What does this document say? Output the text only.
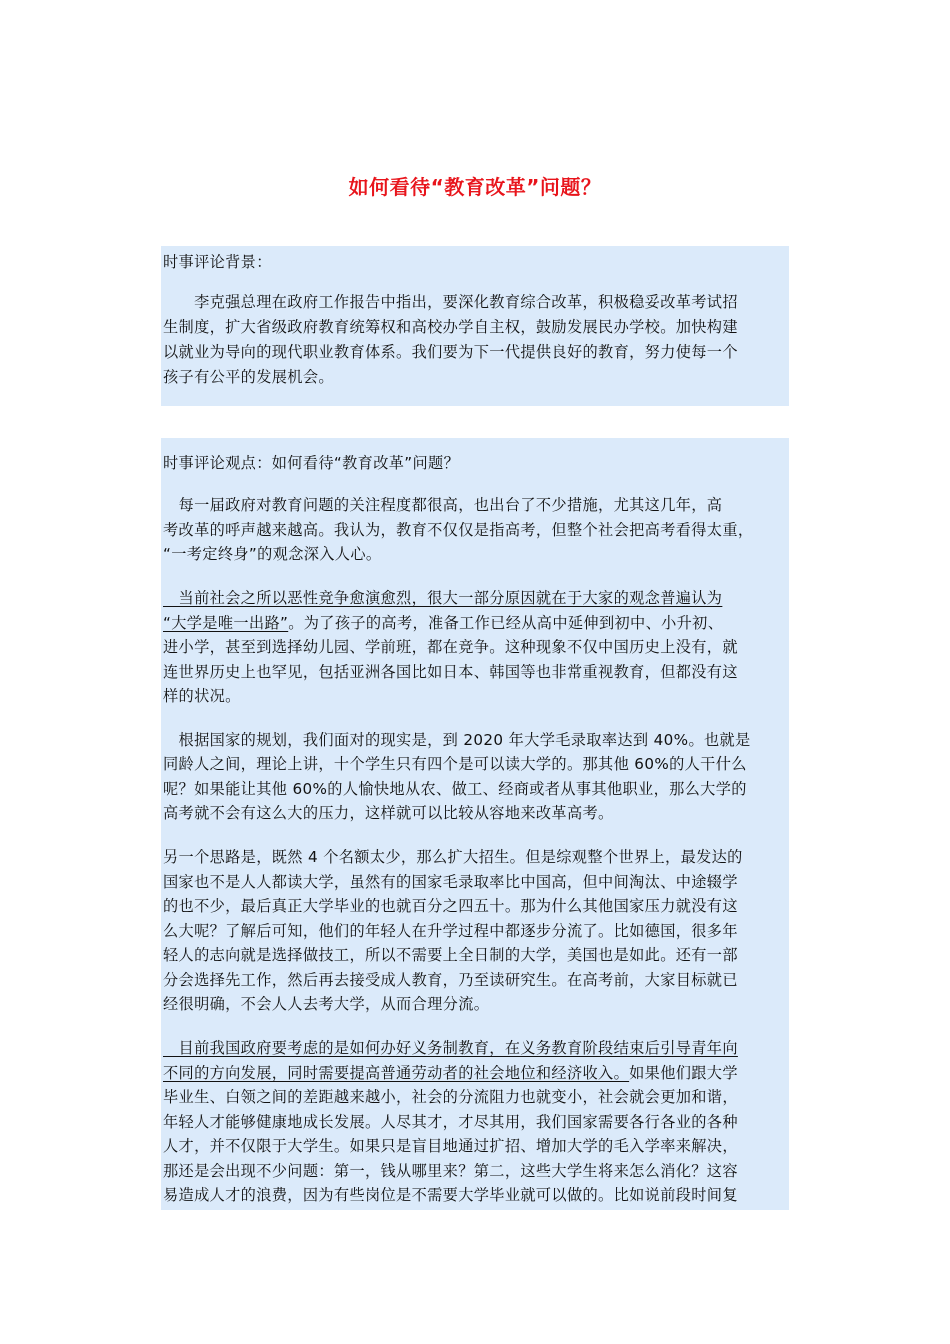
如何看待“教育改革”问题？
时事评论背景：
　　李克强总理在政府工作报告中指出，要深化教育综合改革，积极稳妥改革考试招
生制度，扩大省级政府教育统筹权和高校办学自主权，鼓励发展民办学校。加快构建
以就业为导向的现代职业教育体系。我们要为下一代提供良好的教育，努力使每一个
孩子有公平的发展机会。
时事评论观点：如何看待“教育改革”问题？
　每一届政府对教育问题的关注程度都很高，也出台了不少措施，尤其这几年，高
考改革的呼声越来越高。我认为，教育不仅仅是指高考，但整个社会把高考看得太重，
“一考定终身”的观念深入人心。
　当前社会之所以恶性竞争愈演愈烈，很大一部分原因就在于大家的观念普遍认为
“大学是唯一出路”。为了孩子的高考，准备工作已经从高中延伸到初中、小升初、
进小学，甚至到选择幼儿园、学前班，都在竞争。这种现象不仅中国历史上没有，就
连世界历史上也罕见，包括亚洲各国比如日本、韩国等也非常重视教育，但都没有这
样的状况。
　根据国家的规划，我们面对的现实是，到 2020 年大学毛录取率达到 40%。也就是
同龄人之间，理论上讲，十个学生只有四个是可以读大学的。那其他 60%的人干什么
呢？如果能让其他 60%的人愉快地从农、做工、经商或者从事其他职业，那么大学的
高考就不会有这么大的压力，这样就可以比较从容地来改革高考。
另一个思路是，既然 4 个名额太少，那么扩大招生。但是综观整个世界上，最发达的
国家也不是人人都读大学，虽然有的国家毛录取率比中国高，但中间淘汰、中途辍学
的也不少，最后真正大学毕业的也就百分之四五十。那为什么其他国家压力就没有这
么大呢？了解后可知，他们的年轻人在升学过程中都逐步分流了。比如德国，很多年
轻人的志向就是选择做技工，所以不需要上全日制的大学，美国也是如此。还有一部
分会选择先工作，然后再去接受成人教育，乃至读研究生。在高考前，大家目标就已
经很明确，不会人人去考大学，从而合理分流。
　目前我国政府要考虑的是如何办好义务制教育，在义务教育阶段结束后引导青年向
不同的方向发展，同时需要提高普通劳动者的社会地位和经济收入。如果他们跟大学
毕业生、白领之间的差距越来越小，社会的分流阻力也就变小，社会就会更加和谐，
年轻人才能够健康地成长发展。人尽其才，才尽其用，我们国家需要各行各业的各种
人才，并不仅限于大学生。如果只是盲目地通过扩招、增加大学的毛入学率来解决，
那还是会出现不少问题：第一，钱从哪里来？第二，这些大学生将来怎么消化？这容
易造成人才的浪费，因为有些岗位是不需要大学毕业就可以做的。比如说前段时间复
